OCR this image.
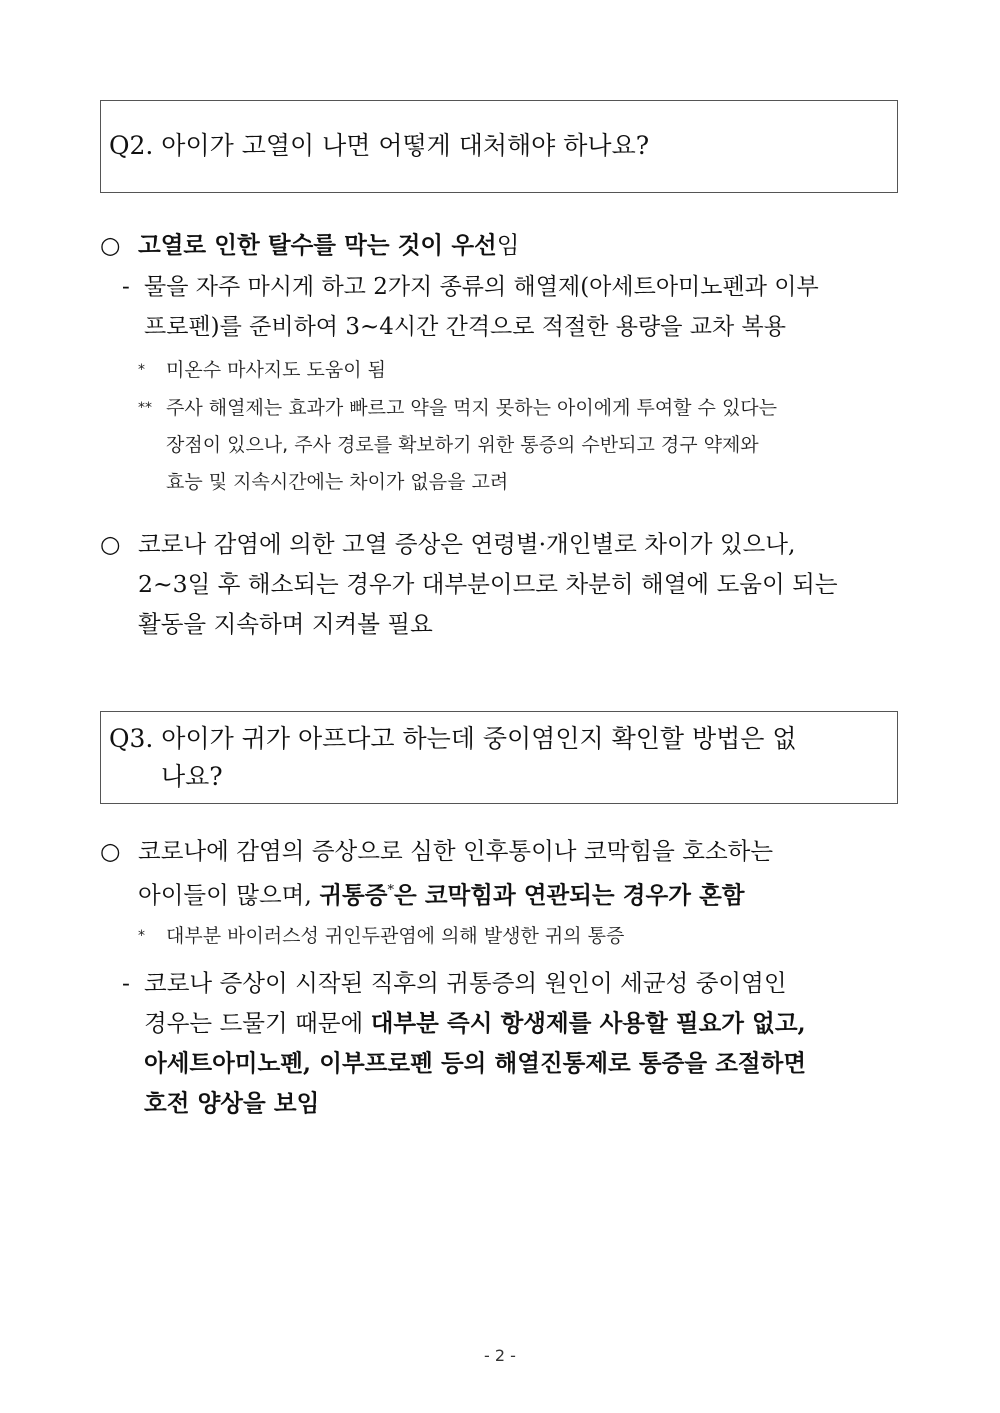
Q2. 아이가 고열이 나면 어떻게 대처해야 하나요?
○ 고열로 인한 탈수를 막는 것이 우선임
- 물을 자주 마시게 하고 2가지 종류의 해열제(아세트아미노펜과 이부
프로펜)를 준비하여 3~4시간 간격으로 적절한 용량을 교차 복용
* 미온수 마사지도 도움이 됨
** 주사 해열제는 효과가 빠르고 약을 먹지 못하는 아이에게 투여할 수 있다는
장점이 있으나, 주사 경로를 확보하기 위한 통증의 수반되고 경구 약제와
효능 및 지속시간에는 차이가 없음을 고려
○ 코로나 감염에 의한 고열 증상은 연령별·개인별로 차이가 있으나,
2~3일 후 해소되는 경우가 대부분이므로 차분히 해열에 도움이 되는
활동을 지속하며 지켜볼 필요
Q3. 아이가 귀가 아프다고 하는데 중이염인지 확인할 방법은 없
나요?
○ 코로나에 감염의 증상으로 심한 인후통이나 코막힘을 호소하는
아이들이 많으며, 귀통증*은 코막힘과 연관되는 경우가 혼함
* 대부분 바이러스성 귀인두관염에 의해 발생한 귀의 통증
- 코로나 증상이 시작된 직후의 귀통증의 원인이 세균성 중이염인
경우는 드물기 때문에 대부분 즉시 항생제를 사용할 필요가 없고,
아세트아미노펜, 이부프로펜 등의 해열진통제로 통증을 조절하면
호전 양상을 보임
- 2 -
